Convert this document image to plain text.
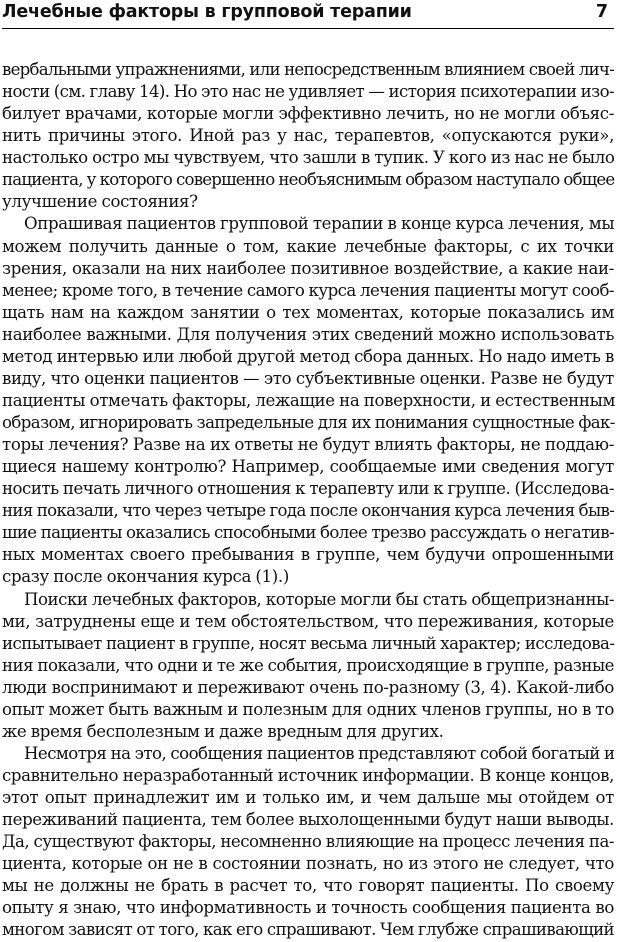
Лечебные факторы в групповой терапии	7
вербальными упражнениями, или непосредственным влиянием своей лич-
ности (см. главу 14). Но это нас не удивляет — история психотерапии изо-
билует врачами, которые могли эффективно лечить, но не могли объяс-
нить причины этого. Иной раз у нас, терапевтов, «опускаются руки»,
настолько остро мы чувствуем, что зашли в тупик. У кого из нас не было
пациента, у которого совершенно необъяснимым образом наступало общее
улучшение состояния?
Опрашивая пациентов групповой терапии в конце курса лечения, мы
можем получить данные о том, какие лечебные факторы, с их точки
зрения, оказали на них наиболее позитивное воздействие, а какие наи-
менее; кроме того, в течение самого курса лечения пациенты могут сооб-
щать нам на каждом занятии о тех моментах, которые показались им
наиболее важными. Для получения этих сведений можно использовать
метод интервью или любой другой метод сбора данных. Но надо иметь в
виду, что оценки пациентов — это субъективные оценки. Разве не будут
пациенты отмечать факторы, лежащие на поверхности, и естественным
образом, игнорировать запредельные для их понимания сущностные фак-
торы лечения? Разве на их ответы не будут влиять факторы, не поддаю-
щиеся нашему контролю? Например, сообщаемые ими сведения могут
носить печать личного отношения к терапевту или к группе. (Исследова-
ния показали, что через четыре года после окончания курса лечения быв-
шие пациенты оказались способными более трезво рассуждать о негатив-
ных моментах своего пребывания в группе, чем будучи опрошенными
сразу после окончания курса (1).)
Поиски лечебных факторов, которые могли бы стать общепризнанны-
ми, затруднены еще и тем обстоятельством, что переживания, которые
испытывает пациент в группе, носят весьма личный характер; исследова-
ния показали, что одни и те же события, происходящие в группе, разные
люди воспринимают и переживают очень по-разному (3, 4). Какой-либо
опыт может быть важным и полезным для одних членов группы, но в то
же время бесполезным и даже вредным для других.
Несмотря на это, сообщения пациентов представляют собой богатый и
сравнительно неразработанный источник информации. В конце концов,
этот опыт принадлежит им и только им, и чем дальше мы отойдем от
переживаний пациента, тем более выхолощенными будут наши выводы.
Да, существуют факторы, несомненно влияющие на процесс лечения па-
циента, которые он не в состоянии познать, но из этого не следует, что
мы не должны не брать в расчет то, что говорят пациенты. По своему
опыту я знаю, что информативность и точность сообщения пациента во
многом зависят от того, как его спрашивают. Чем глубже спрашивающий
